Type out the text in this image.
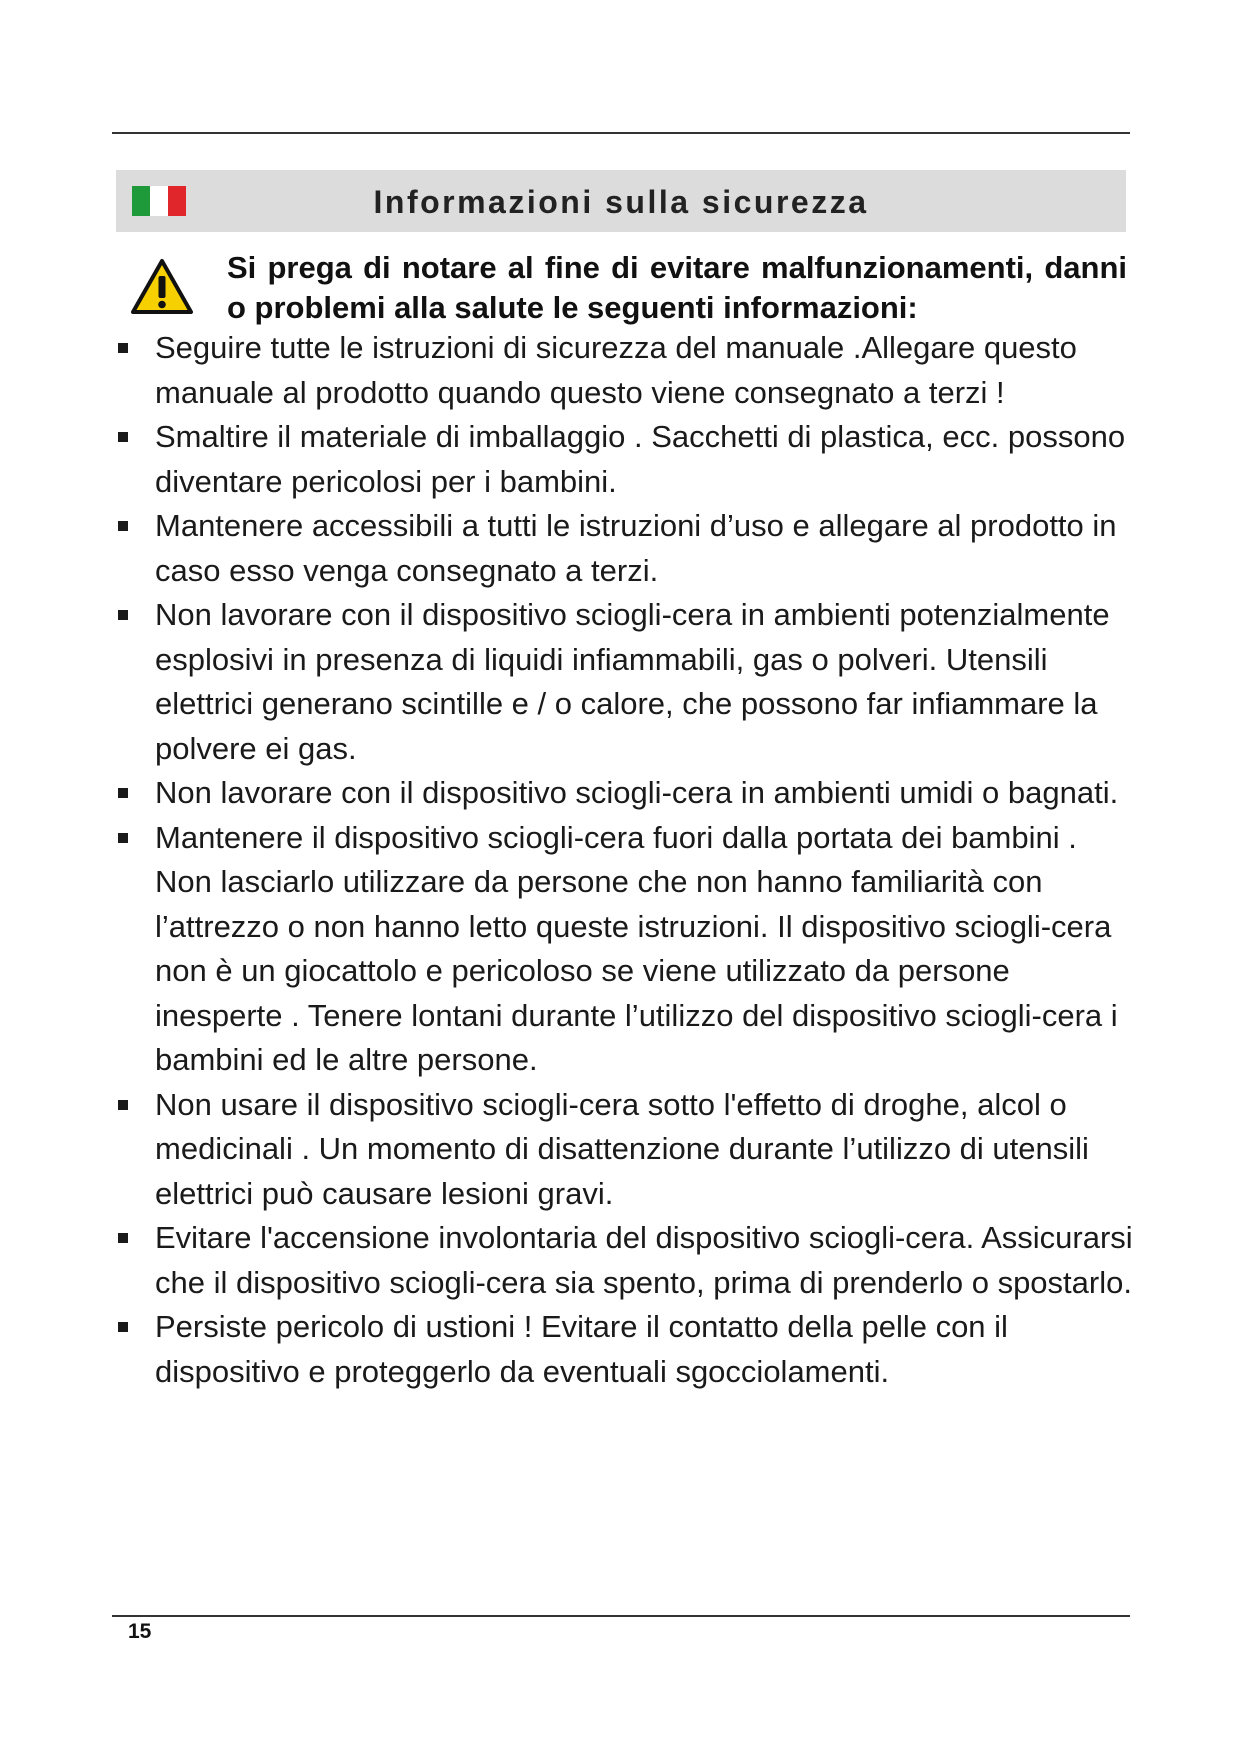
Informazioni sulla sicurezza
Si prega di notare al fine di evitare malfunzionamenti, danni o problemi alla salute le seguenti informazioni:
Seguire tutte le istruzioni di sicurezza del manuale .Allegare questo manuale al prodotto quando questo viene consegnato a terzi !
Smaltire il materiale di imballaggio . Sacchetti di plastica, ecc. possono diventare pericolosi per i bambini.
Mantenere accessibili a tutti le istruzioni d’uso e allegare al prodotto in caso esso venga consegnato a terzi.
Non lavorare con il dispositivo sciogli-cera in ambienti potenzialmente esplosivi in presenza di liquidi infiammabili, gas o polveri. Utensili elettrici generano scintille e / o calore, che possono far infiammare la polvere ei gas.
Non lavorare con il dispositivo sciogli-cera in ambienti umidi o bagnati.
Mantenere il dispositivo sciogli-cera fuori dalla portata dei bambini . Non lasciarlo utilizzare da persone che non hanno familiarità con l’attrezzo o non hanno letto queste istruzioni. Il dispositivo sciogli-cera non è un giocattolo e pericoloso se viene utilizzato da persone inesperte . Tenere lontani durante l’utilizzo del dispositivo sciogli-cera i bambini ed le altre persone.
Non usare il dispositivo sciogli-cera sotto l'effetto di droghe, alcol o medicinali . Un momento di disattenzione durante l’utilizzo di utensili elettrici può causare lesioni gravi.
Evitare l'accensione involontaria del dispositivo sciogli-cera. Assicurarsi che il dispositivo sciogli-cera sia spento, prima di prenderlo o spostarlo.
Persiste pericolo di ustioni ! Evitare il contatto della pelle con il dispositivo e proteggerlo da eventuali sgocciolamenti.
15
